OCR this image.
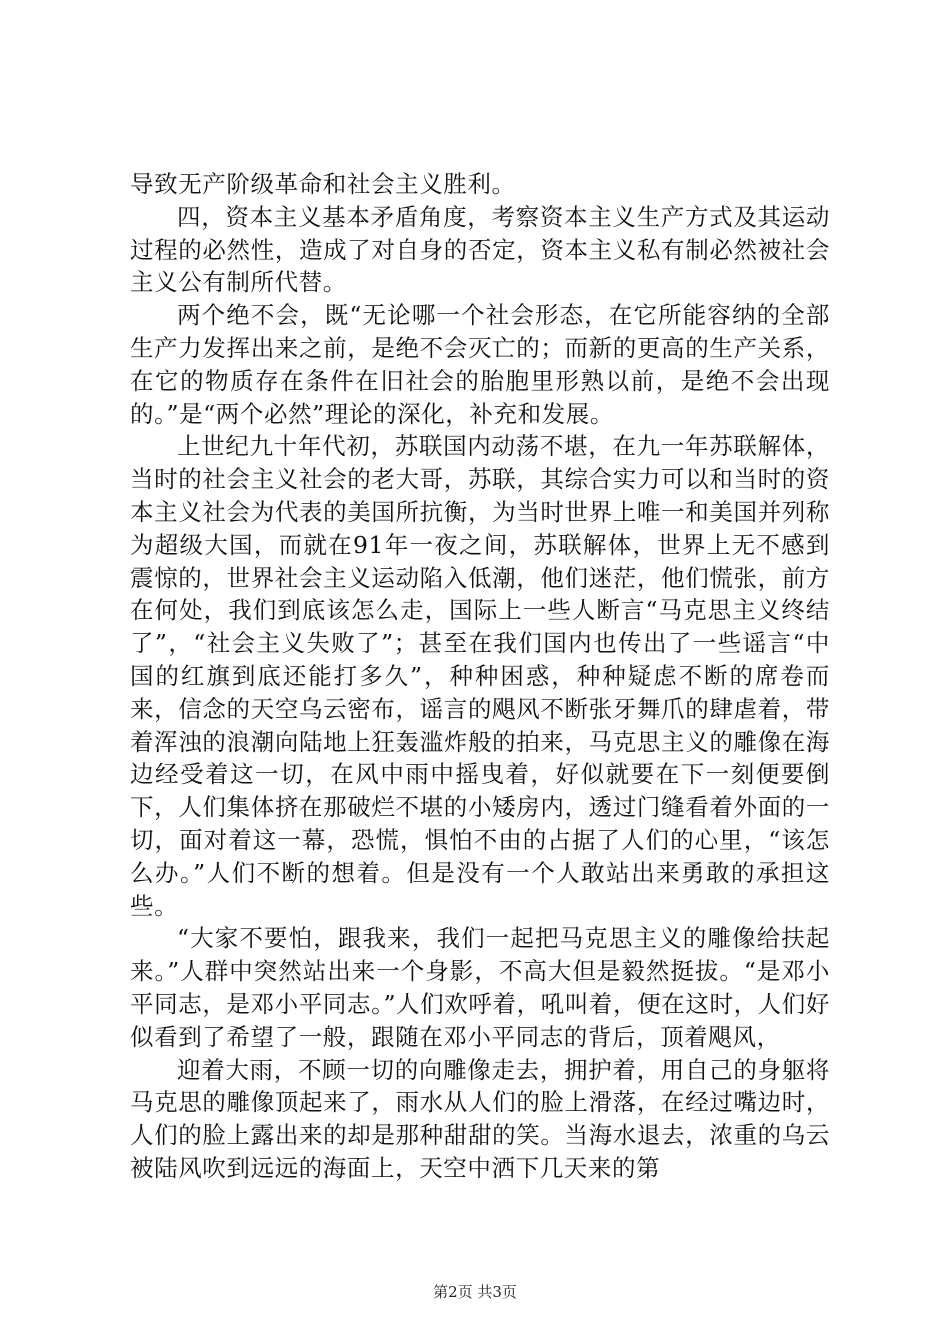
导致无产阶级革命和社会主义胜利。

四，资本主义基本矛盾角度，考察资本主义生产方式及其运动过程的必然性，造成了对自身的否定，资本主义私有制必然被社会主义公有制所代替。

两个绝不会，既“无论哪一个社会形态，在它所能容纳的全部生产力发挥出来之前，是绝不会灭亡的；而新的更高的生产关系，在它的物质存在条件在旧社会的胎胞里形熟以前，是绝不会出现的。”是“两个必然”理论的深化，补充和发展。

上世纪九十年代初，苏联国内动荡不堪，在九一年苏联解体，当时的社会主义社会的老大哥，苏联，其综合实力可以和当时的资本主义社会为代表的美国所抗衡，为当时世界上唯一和美国并列称为超级大国，而就在91年一夜之间，苏联解体，世界上无不感到震惊的，世界社会主义运动陷入低潮，他们迷茫，他们慌张，前方在何处，我们到底该怎么走，国际上一些人断言“马克思主义终结了”，“社会主义失败了”；甚至在我们国内也传出了一些谣言“中国的红旗到底还能打多久”，种种困惑，种种疑虑不断的席卷而来，信念的天空乌云密布，谣言的飓风不断张牙舞爪的肆虐着，带着浑浊的浪潮向陆地上狂轰滥炸般的拍来，马克思主义的雕像在海边经受着这一切，在风中雨中摇曳着，好似就要在下一刻便要倒下，人们集体挤在那破烂不堪的小矮房内，透过门缝看着外面的一切，面对着这一幕，恐慌，惧怕不由的占据了人们的心里，“该怎么办。”人们不断的想着。但是没有一个人敢站出来勇敢的承担这些。

“大家不要怕，跟我来，我们一起把马克思主义的雕像给扶起来。”人群中突然站出来一个身影，不高大但是毅然挺拔。“是邓小平同志，是邓小平同志。”人们欢呼着，吼叫着，便在这时，人们好似看到了希望了一般，跟随在邓小平同志的背后，顶着飓风，

迎着大雨，不顾一切的向雕像走去，拥护着，用自己的身躯将马克思的雕像顶起来了，雨水从人们的脸上滑落，在经过嘴边时，人们的脸上露出来的却是那种甜甜的笑。当海水退去，浓重的乌云被陆风吹到远远的海面上，天空中洒下几天来的第

第2页 共3页
